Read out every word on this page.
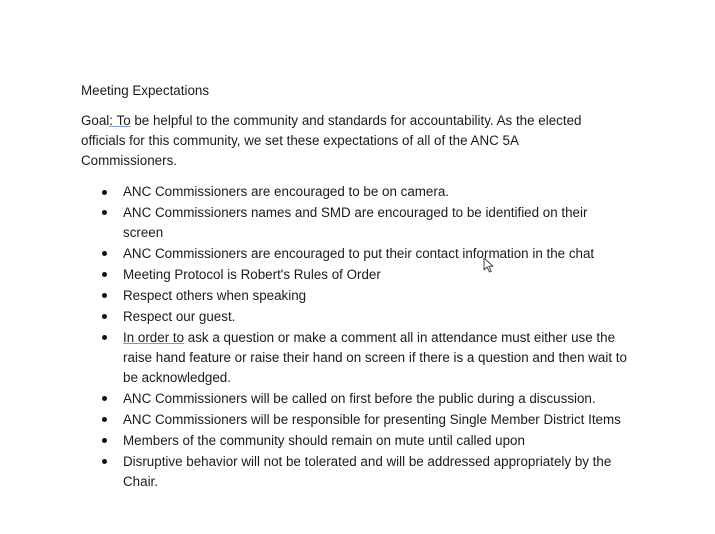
Meeting Expectations
Goal: To be helpful to the community and standards for accountability. As the elected officials for this community, we set these expectations of all of the ANC 5A Commissioners.
ANC Commissioners are encouraged to be on camera.
ANC Commissioners names and SMD are encouraged to be identified on their screen
ANC Commissioners are encouraged to put their contact information in the chat
Meeting Protocol is Robert's Rules of Order
Respect others when speaking
Respect our guest.
In order to ask a question or make a comment all in attendance must either use the raise hand feature or raise their hand on screen if there is a question and then wait to be acknowledged.
ANC Commissioners will be called on first before the public during a discussion.
ANC Commissioners will be responsible for presenting Single Member District Items
Members of the community should remain on mute until called upon
Disruptive behavior will not be tolerated and will be addressed appropriately by the Chair.
